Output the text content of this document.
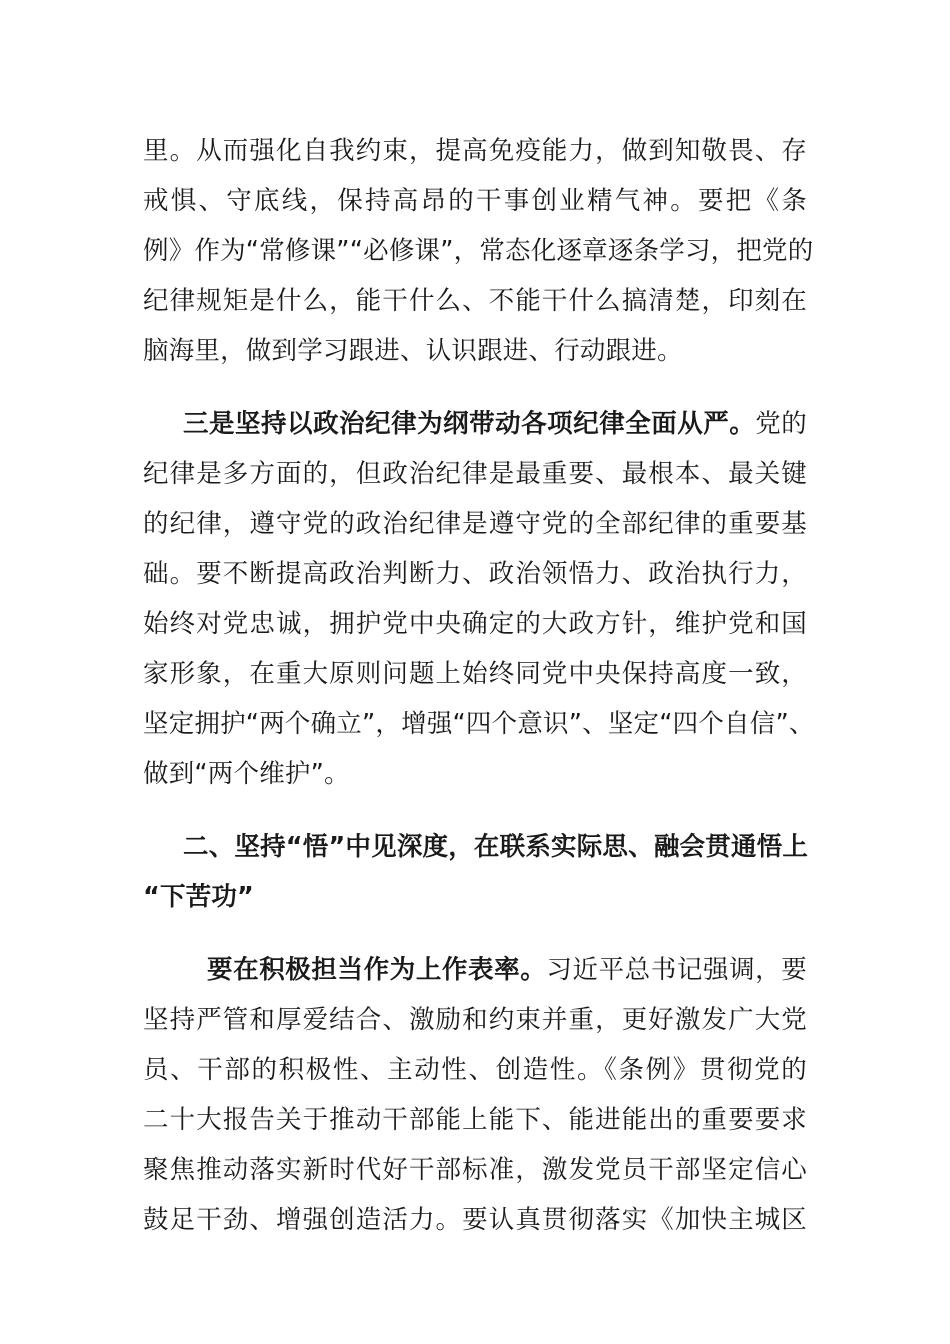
里。从而强化自我约束，提高免疫能力，做到知敬畏、存
戒惧、守底线，保持高昂的干事创业精气神。要把《条
例》作为“常修课”“必修课”，常态化逐章逐条学习，把党的
纪律规矩是什么，能干什么、不能干什么搞清楚，印刻在
脑海里，做到学习跟进、认识跟进、行动跟进。
三是坚持以政治纪律为纲带动各项纪律全面从严。党的
纪律是多方面的，但政治纪律是最重要、最根本、最关键
的纪律，遵守党的政治纪律是遵守党的全部纪律的重要基
础。要不断提高政治判断力、政治领悟力、政治执行力，
始终对党忠诚，拥护党中央确定的大政方针，维护党和国
家形象，在重大原则问题上始终同党中央保持高度一致，
坚定拥护“两个确立”，增强“四个意识”、坚定“四个自信”、
做到“两个维护”。
二、坚持“悟”中见深度，在联系实际思、融会贯通悟上
“下苦功”
要在积极担当作为上作表率。习近平总书记强调，要
坚持严管和厚爱结合、激励和约束并重，更好激发广大党
员、干部的积极性、主动性、创造性。《条例》贯彻党的
二十大报告关于推动干部能上能下、能进能出的重要要求
聚焦推动落实新时代好干部标准，激发党员干部坚定信心
鼓足干劲、增强创造活力。要认真贯彻落实《加快主城区
